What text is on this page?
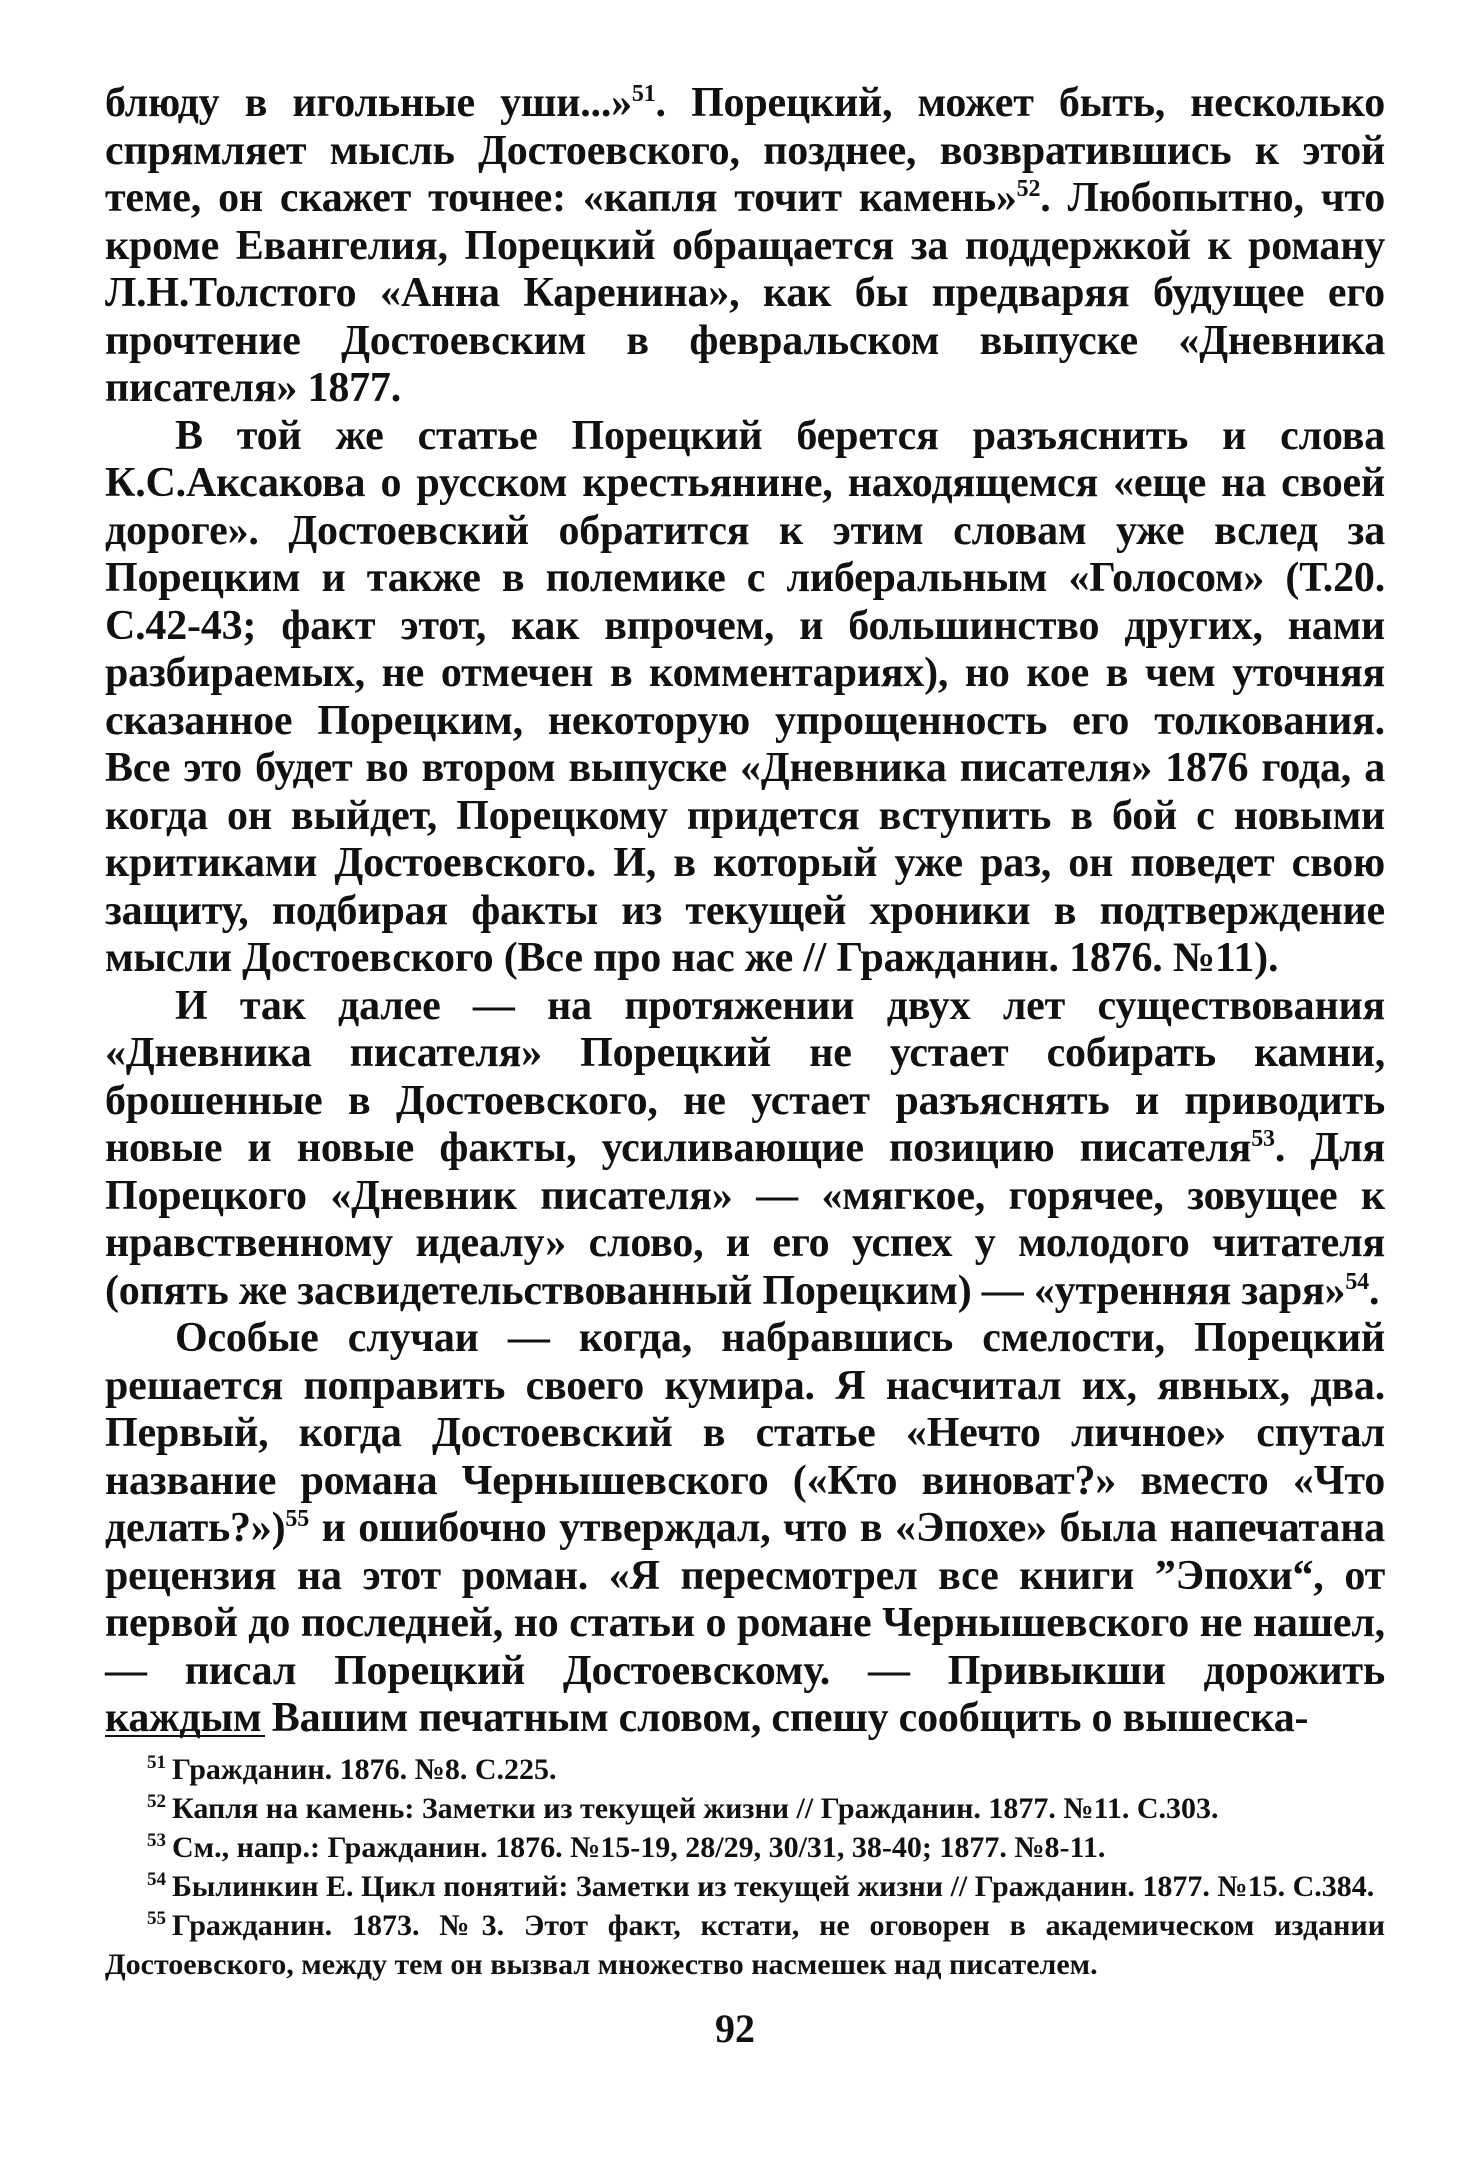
блюду в игольные уши...»$^{51}$. Порецкий, может быть, несколько спрямляет мысль Достоевского, позднее, возвратившись к этой теме, он скажет точнее: «капля точит камень»$^{52}$. Любопытно, что кроме Евангелия, Порецкий обращается за поддержкой к роману Л.Н.Толстого «Анна Каренина», как бы предваряя будущее его прочтение Достоевским в февральском выпуске «Дневника писателя» 1877.

В той же статье Порецкий берется разъяснить и слова К.С.Аксакова о русском крестьянине, находящемся «еще на своей дороге». Достоевский обратится к этим словам уже вслед за Порецким и также в полемике с либеральным «Голосом» (Т.20. С.42-43; факт этот, как впрочем, и большинство других, нами разбираемых, не отмечен в комментариях), но кое в чем уточняя сказанное Порецким, некоторую упрощенность его толкования. Все это будет во втором выпуске «Дневника писателя» 1876 года, а когда он выйдет, Порецкому придется вступить в бой с новыми критиками Достоевского. И, в который уже раз, он поведет свою защиту, подбирая факты из текущей хроники в подтверждение мысли Достоевского (Все про нас же // Гражданин. 1876. №11).

И так далее — на протяжении двух лет существования «Дневника писателя» Порецкий не устает собирать камни, брошенные в Достоевского, не устает разъяснять и приводить новые и новые факты, усиливающие позицию писателя$^{53}$. Для Порецкого «Дневник писателя» — «мягкое, горячее, зовущее к нравственному идеалу» слово, и его успех у молодого читателя (опять же засвидетельствованный Порецким) — «утренняя заря»$^{54}$.

Особые случаи — когда, набравшись смелости, Порецкий решается поправить своего кумира. Я насчитал их, явных, два. Первый, когда Достоевский в статье «Нечто личное» спутал название романа Чернышевского («Кто виноват?» вместо «Что делать?»)$^{55}$ и ошибочно утверждал, что в «Эпохе» была напечатана рецензия на этот роман. «Я пересмотрел все книги ”Эпохи“, от первой до последней, но статьи о романе Чернышевского не нашел, — писал Порецкий Достоевскому. — Привыкши дорожить каждым Вашим печатным словом, спешу сообщить о вышеска-

$^{51}$ Гражданин. 1876. №8. С.225.

$^{52}$ Капля на камень: Заметки из текущей жизни // Гражданин. 1877. №11. С.303.

$^{53}$ См., напр.: Гражданин. 1876. №15-19, 28/29, 30/31, 38-40; 1877. №8-11.

$^{54}$ Былинкин Е. Цикл понятий: Заметки из текущей жизни // Гражданин. 1877. №15. С.384.

$^{55}$ Гражданин. 1873. №3. Этот факт, кстати, не оговорен в академическом издании Достоевского, между тем он вызвал множество насмешек над писателем.

92
